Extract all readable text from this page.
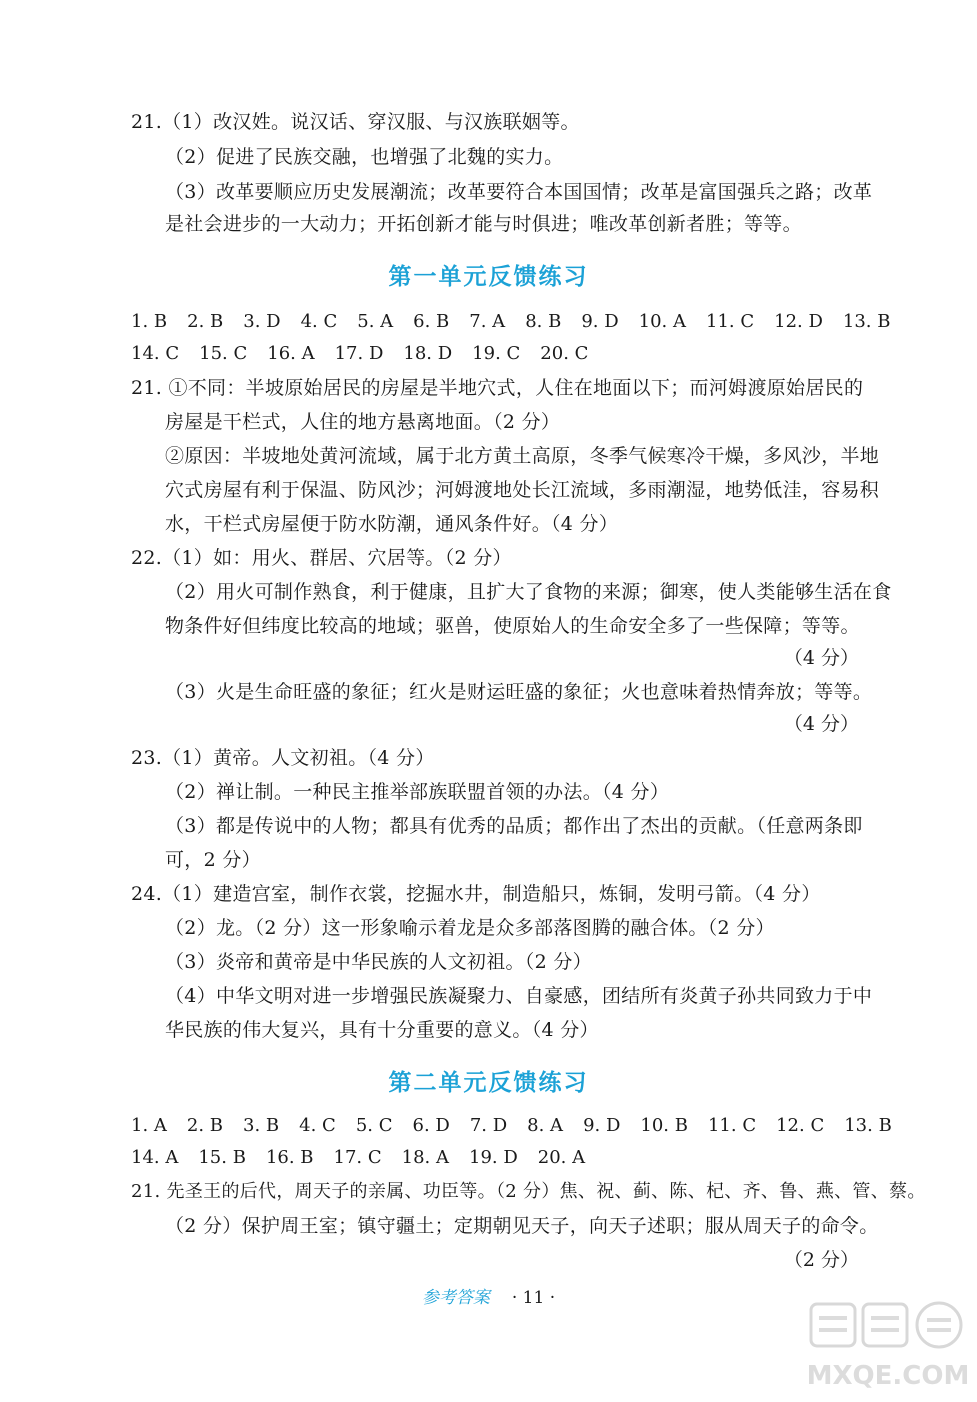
21.（1）改汉姓。说汉话、穿汉服、与汉族联姻等。
（2）促进了民族交融，也增强了北魏的实力。
（3）改革要顺应历史发展潮流；改革要符合本国国情；改革是富国强兵之路；改革
是社会进步的一大动力；开拓创新才能与时俱进；唯改革创新者胜；等等。
第一单元反馈练习
1. B 2. B 3. D 4. C 5. A 6. B 7. A 8. B 9. D 10. A 11. C 12. D 13. B
14. C 15. C 16. A 17. D 18. D 19. C 20. C
21. ①不同：半坡原始居民的房屋是半地穴式，人住在地面以下；而河姆渡原始居民的
房屋是干栏式，人住的地方悬离地面。（2 分）
②原因：半坡地处黄河流域，属于北方黄土高原，冬季气候寒冷干燥，多风沙，半地
穴式房屋有利于保温、防风沙；河姆渡地处长江流域，多雨潮湿，地势低洼，容易积
水，干栏式房屋便于防水防潮，通风条件好。（4 分）
22.（1）如：用火、群居、穴居等。（2 分）
（2）用火可制作熟食，利于健康，且扩大了食物的来源；御寒，使人类能够生活在食
物条件好但纬度比较高的地域；驱兽，使原始人的生命安全多了一些保障；等等。
（4 分）
（3）火是生命旺盛的象征；红火是财运旺盛的象征；火也意味着热情奔放；等等。
（4 分）
23.（1）黄帝。人文初祖。（4 分）
（2）禅让制。一种民主推举部族联盟首领的办法。（4 分）
（3）都是传说中的人物；都具有优秀的品质；都作出了杰出的贡献。（任意两条即
可，2 分）
24.（1）建造宫室，制作衣裳，挖掘水井，制造船只，炼铜，发明弓箭。（4 分）
（2）龙。（2 分）这一形象喻示着龙是众多部落图腾的融合体。（2 分）
（3）炎帝和黄帝是中华民族的人文初祖。（2 分）
（4）中华文明对进一步增强民族凝聚力、自豪感，团结所有炎黄子孙共同致力于中
华民族的伟大复兴，具有十分重要的意义。（4 分）
第二单元反馈练习
1. A 2. B 3. B 4. C 5. C 6. D 7. D 8. A 9. D 10. B 11. C 12. C 13. B
14. A 15. B 16. B 17. C 18. A 19. D 20. A
21. 先圣王的后代，周天子的亲属、功臣等。（2 分）焦、祝、蓟、陈、杞、齐、鲁、燕、管、蔡。
（2 分）保护周王室；镇守疆土；定期朝见天子，向天子述职；服从周天子的命令。
（2 分）
参考答案 · 11 ·
MXQE.COM
